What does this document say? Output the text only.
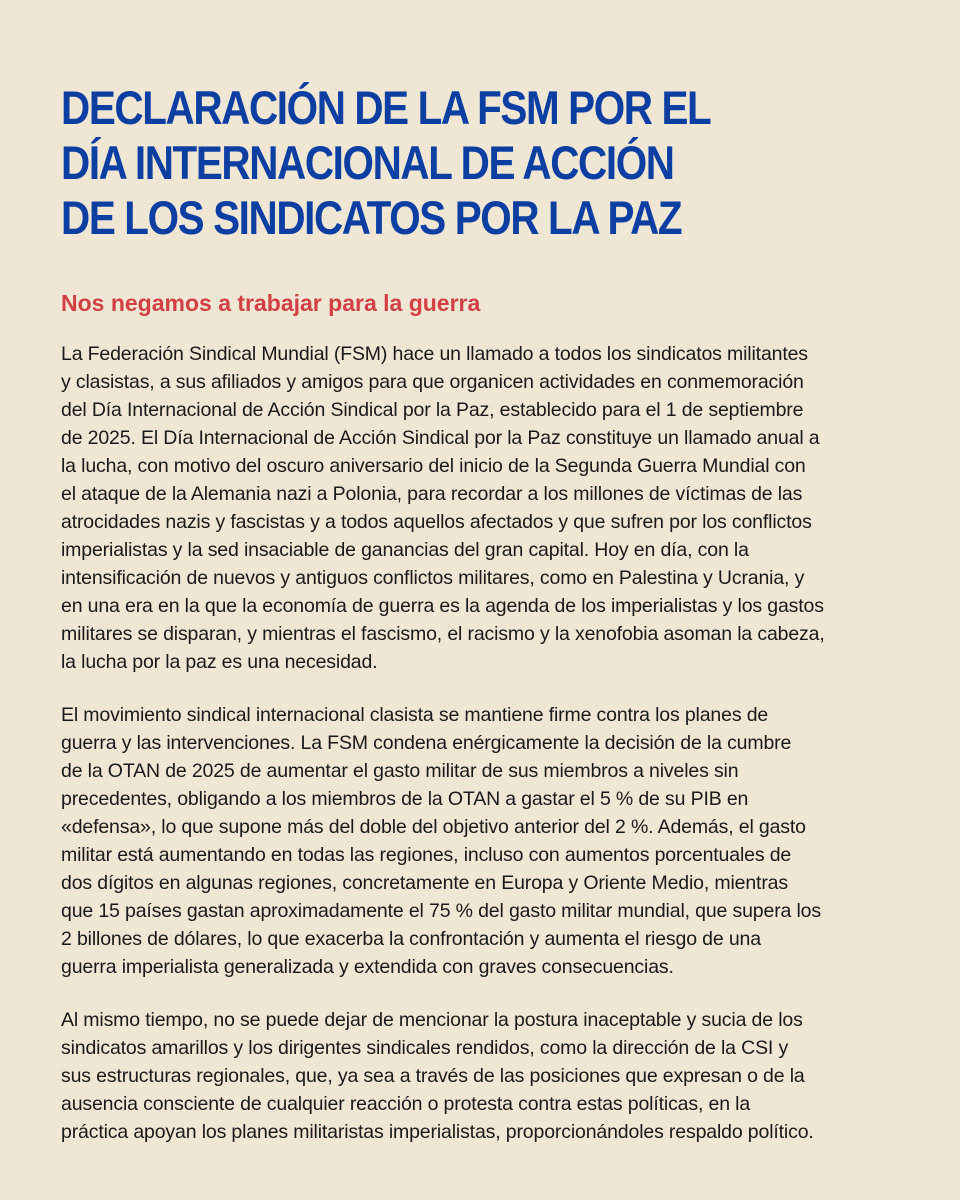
DECLARACIÓN DE LA FSM POR EL
DÍA INTERNACIONAL DE ACCIÓN
DE LOS SINDICATOS POR LA PAZ
Nos negamos a trabajar para la guerra

La Federación Sindical Mundial (FSM) hace un llamado a todos los sindicatos militantes
y clasistas, a sus afiliados y amigos para que organicen actividades en conmemoración
del Día Internacional de Acción Sindical por la Paz, establecido para el 1 de septiembre
de 2025. El Día Internacional de Acción Sindical por la Paz constituye un llamado anual a
la lucha, con motivo del oscuro aniversario del inicio de la Segunda Guerra Mundial con
el ataque de la Alemania nazi a Polonia, para recordar a los millones de víctimas de las
atrocidades nazis y fascistas y a todos aquellos afectados y que sufren por los conflictos
imperialistas y la sed insaciable de ganancias del gran capital. Hoy en día, con la
intensificación de nuevos y antiguos conflictos militares, como en Palestina y Ucrania, y
en una era en la que la economía de guerra es la agenda de los imperialistas y los gastos
militares se disparan, y mientras el fascismo, el racismo y la xenofobia asoman la cabeza,
la lucha por la paz es una necesidad.

El movimiento sindical internacional clasista se mantiene firme contra los planes de
guerra y las intervenciones. La FSM condena enérgicamente la decisión de la cumbre
de la OTAN de 2025 de aumentar el gasto militar de sus miembros a niveles sin
precedentes, obligando a los miembros de la OTAN a gastar el 5 % de su PIB en
«defensa», lo que supone más del doble del objetivo anterior del 2 %. Además, el gasto
militar está aumentando en todas las regiones, incluso con aumentos porcentuales de
dos dígitos en algunas regiones, concretamente en Europa y Oriente Medio, mientras
que 15 países gastan aproximadamente el 75 % del gasto militar mundial, que supera los
2 billones de dólares, lo que exacerba la confrontación y aumenta el riesgo de una
guerra imperialista generalizada y extendida con graves consecuencias.

Al mismo tiempo, no se puede dejar de mencionar la postura inaceptable y sucia de los
sindicatos amarillos y los dirigentes sindicales rendidos, como la dirección de la CSI y
sus estructuras regionales, que, ya sea a través de las posiciones que expresan o de la
ausencia consciente de cualquier reacción o protesta contra estas políticas, en la
práctica apoyan los planes militaristas imperialistas, proporcionándoles respaldo político.
